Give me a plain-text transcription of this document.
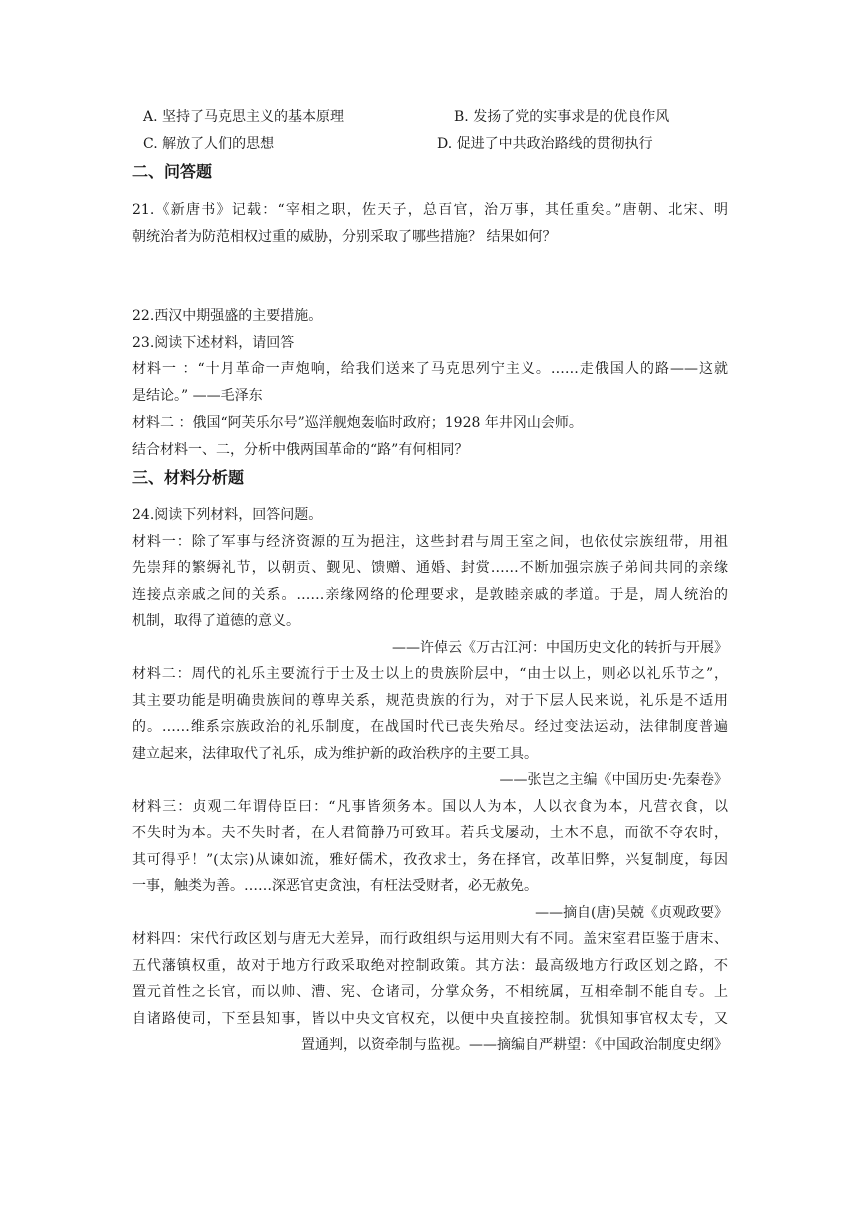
A. 坚持了马克思主义的基本原理	B. 发扬了党的实事求是的优良作风
C. 解放了人们的思想	D. 促进了中共政治路线的贯彻执行
二、问答题
21.《新唐书》记载：“宰相之职，佐天子，总百官，治万事，其任重矣。”唐朝、北宋、明
朝统治者为防范相权过重的威胁，分别采取了哪些措施？ 结果如何？
22.西汉中期强盛的主要措施。
23.阅读下述材料，请回答
材料一 ：“十月革命一声炮响，给我们送来了马克思列宁主义。……走俄国人的路——这就
是结论。” ——毛泽东
材料二 ：俄国“阿芙乐尔号”巡洋舰炮轰临时政府；1928 年井冈山会师。
结合材料一、二，分析中俄两国革命的“路”有何相同？
三、材料分析题
24.阅读下列材料，回答问题。
材料一：除了军事与经济资源的互为挹注，这些封君与周王室之间，也依仗宗族纽带，用祖
先崇拜的繁缛礼节，以朝贡、觐见、馈赠、通婚、封赏……不断加强宗族子弟间共同的亲缘
连接点亲戚之间的关系。……亲缘网络的伦理要求，是敦睦亲戚的孝道。于是，周人统治的
机制，取得了道德的意义。
——许倬云《万古江河：中国历史文化的转折与开展》
材料二：周代的礼乐主要流行于士及士以上的贵族阶层中，“由士以上，则必以礼乐节之”，
其主要功能是明确贵族间的尊卑关系，规范贵族的行为，对于下层人民来说，礼乐是不适用
的。……维系宗族政治的礼乐制度，在战国时代已丧失殆尽。经过变法运动，法律制度普遍
建立起来，法律取代了礼乐，成为维护新的政治秩序的主要工具。
——张岂之主编《中国历史·先秦卷》
材料三：贞观二年谓侍臣曰：“凡事皆须务本。国以人为本，人以衣食为本，凡营衣食，以
不失时为本。夫不失时者，在人君简静乃可致耳。若兵戈屡动，土木不息，而欲不夺农时，
其可得乎！”(太宗)从谏如流，雅好儒术，孜孜求士，务在择官，改革旧弊，兴复制度，每因
一事，触类为善。……深恶官吏贪浊，有枉法受财者，必无赦免。
——摘自(唐)吴兢《贞观政要》
材料四：宋代行政区划与唐无大差异，而行政组织与运用则大有不同。盖宋室君臣鉴于唐末、
五代藩镇权重，故对于地方行政采取绝对控制政策。其方法：最高级地方行政区划之路，不
置元首性之长官，而以帅、漕、宪、仓诸司，分掌众务，不相统属，互相牵制不能自专。上
自诸路使司，下至县知事，皆以中央文官权充，以便中央直接控制。犹惧知事官权太专，又
置通判，以资牵制与监视。——摘编自严耕望：《中国政治制度史纲》
